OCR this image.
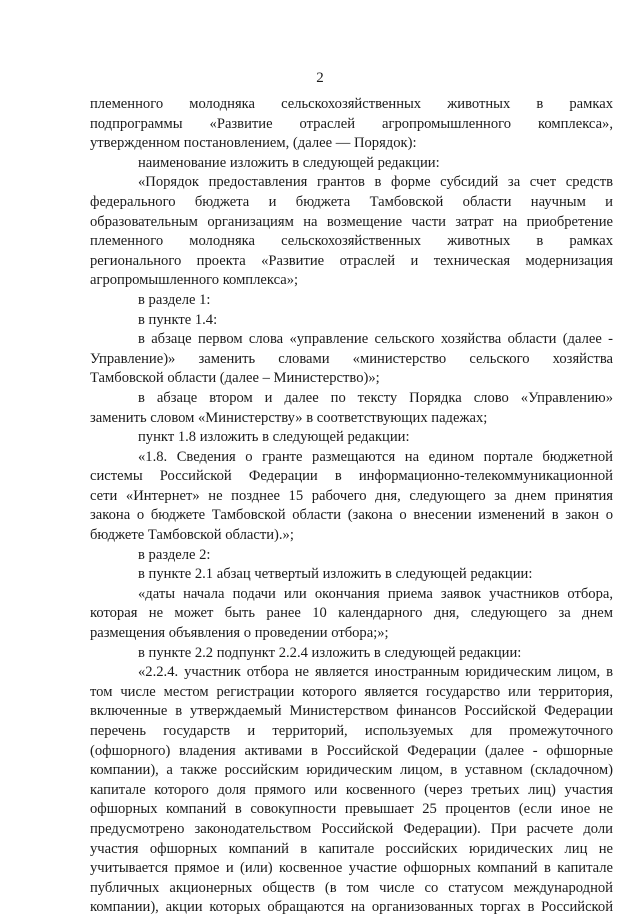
2
племенного молодняка сельскохозяйственных животных в рамках
подпрограммы «Развитие отраслей агропромышленного комплекса»,
утвержденном постановлением, (далее — Порядок):
наименование изложить в следующей редакции:
«Порядок предоставления грантов в форме субсидий за счет средств
федерального бюджета и бюджета Тамбовской области научным и
образовательным организациям на возмещение части затрат на приобретение
племенного молодняка сельскохозяйственных животных в рамках
регионального проекта «Развитие отраслей и техническая модернизация
агропромышленного комплекса»;
в разделе 1:
в пункте 1.4:
в абзаце первом слова «управление сельского хозяйства области (далее -
Управление)» заменить словами «министерство сельского хозяйства
Тамбовской области (далее – Министерство)»;
в абзаце втором и далее по тексту Порядка слово «Управлению»
заменить словом «Министерству» в соответствующих падежах;
пункт 1.8 изложить в следующей редакции:
«1.8. Сведения о гранте размещаются на едином портале бюджетной
системы Российской Федерации в информационно-телекоммуникационной
сети «Интернет» не позднее 15 рабочего дня, следующего за днем принятия
закона о бюджете Тамбовской области (закона о внесении изменений в закон о
бюджете Тамбовской области).»;
в разделе 2:
в пункте 2.1 абзац четвертый изложить в следующей редакции:
«даты начала подачи или окончания приема заявок участников отбора,
которая не может быть ранее 10 календарного дня, следующего за днем
размещения объявления о проведении отбора;»;
в пункте 2.2 подпункт 2.2.4 изложить в следующей редакции:
«2.2.4. участник отбора не является иностранным юридическим лицом, в
том числе местом регистрации которого является государство или территория,
включенные в утверждаемый Министерством финансов Российской Федерации
перечень государств и территорий, используемых для промежуточного
(офшорного) владения активами в Российской Федерации (далее - офшорные
компании), а также российским юридическим лицом, в уставном (складочном)
капитале которого доля прямого или косвенного (через третьих лиц) участия
офшорных компаний в совокупности превышает 25 процентов (если иное не
предусмотрено законодательством Российской Федерации). При расчете доли
участия офшорных компаний в капитале российских юридических лиц не
учитывается прямое и (или) косвенное участие офшорных компаний в капитале
публичных акционерных обществ (в том числе со статусом международной
компании), акции которых обращаются на организованных торгах в Российской
